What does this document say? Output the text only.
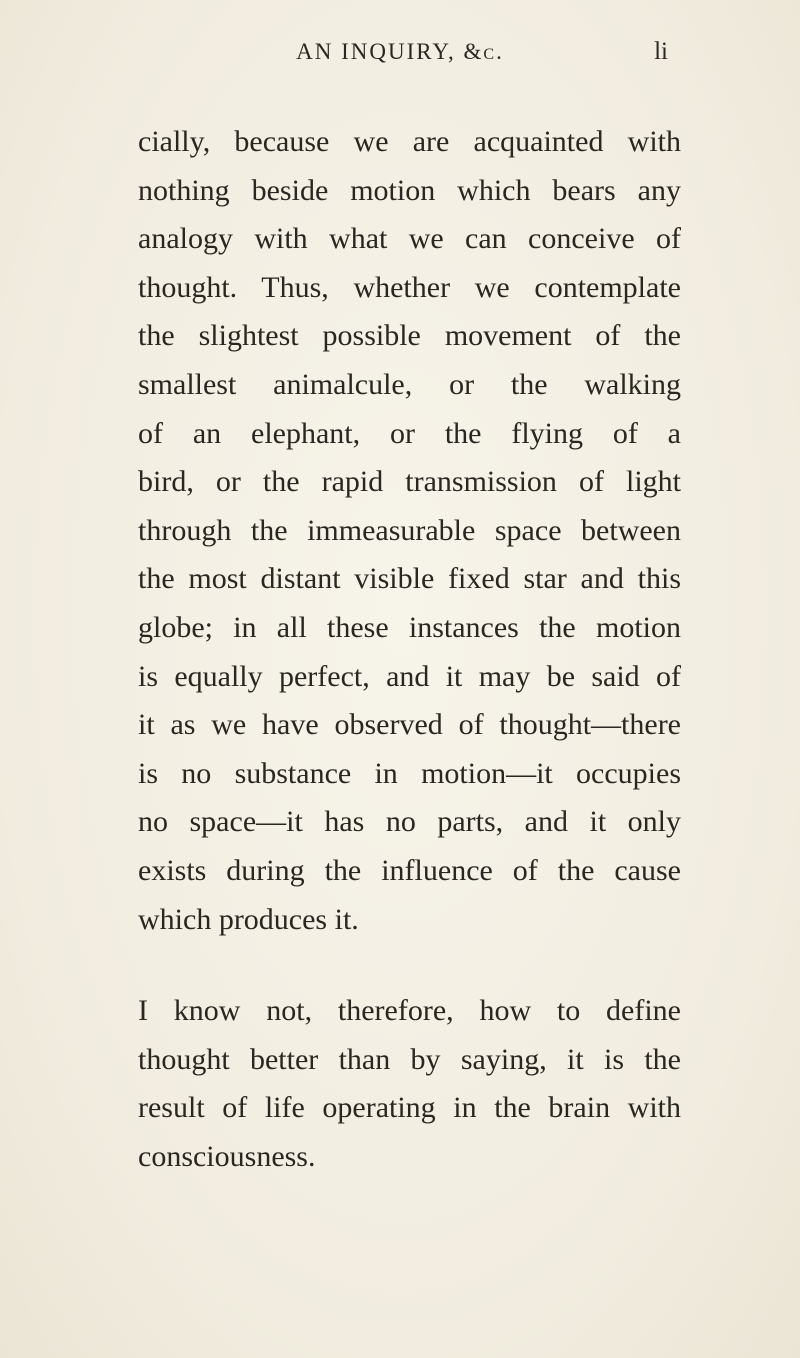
AN INQUIRY, &c.	li
cially, because we are acquainted with
nothing beside motion which bears any
analogy with what we can conceive of
thought. Thus, whether we contemplate
the slightest possible movement of the
smallest animalcule, or the walking
of an elephant, or the flying of a
bird, or the rapid transmission of light
through the immeasurable space between
the most distant visible fixed star and this
globe; in all these instances the motion
is equally perfect, and it may be said of
it as we have observed of thought—there
is no substance in motion—it occupies
no space—it has no parts, and it only
exists during the influence of the cause
which produces it.
I know not, therefore, how to define
thought better than by saying, it is the
result of life operating in the brain with
consciousness.
